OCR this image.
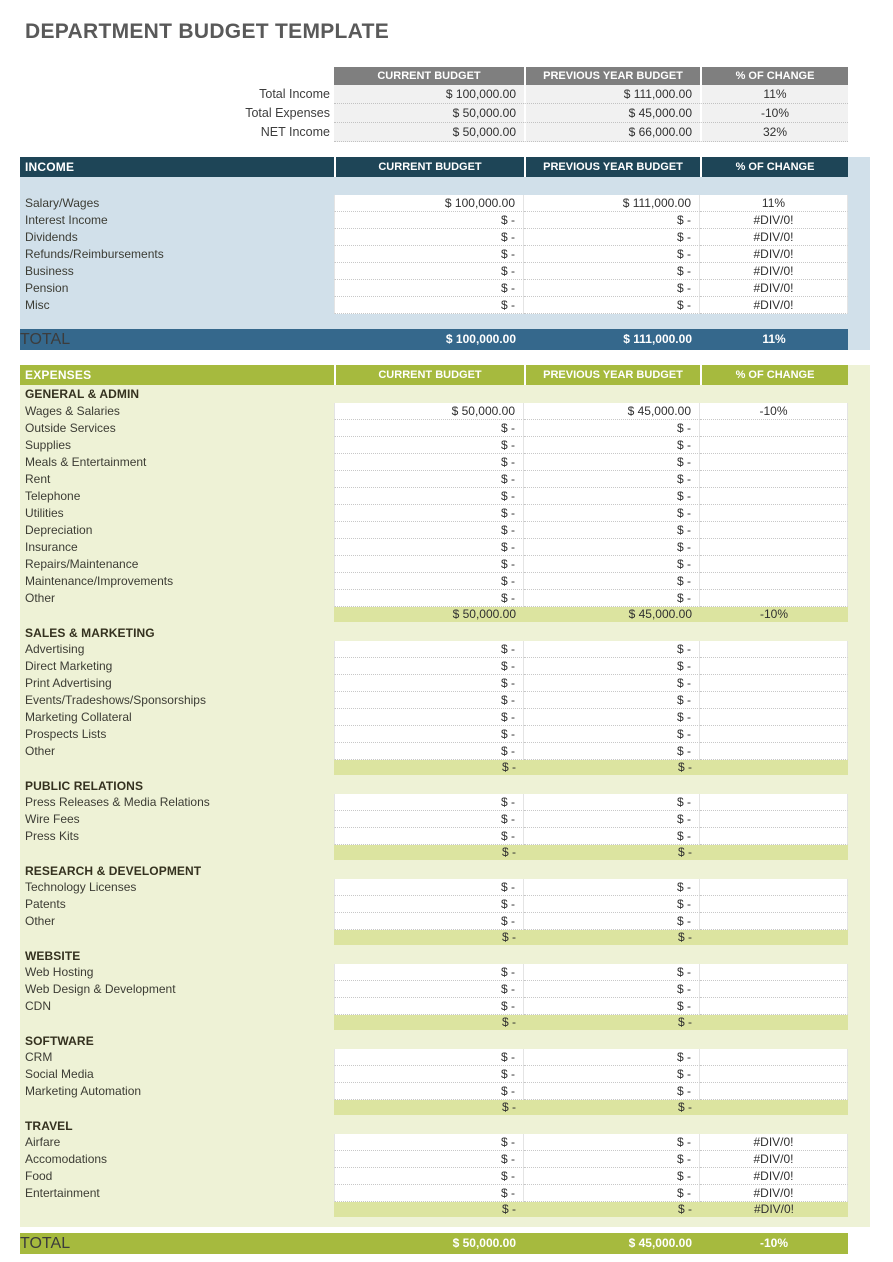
DEPARTMENT BUDGET TEMPLATE
CURRENT BUDGET	PREVIOUS YEAR BUDGET	% OF CHANGE
Total Income	$ 100,000.00	$ 111,000.00	11%
Total Expenses	$ 50,000.00	$ 45,000.00	-10%
NET Income	$ 50,000.00	$ 66,000.00	32%
INCOME	CURRENT BUDGET	PREVIOUS YEAR BUDGET	% OF CHANGE
Salary/Wages	$ 100,000.00	$ 111,000.00	11%
Interest Income	$ -	$ -	#DIV/0!
Dividends	$ -	$ -	#DIV/0!
Refunds/Reimbursements	$ -	$ -	#DIV/0!
Business	$ -	$ -	#DIV/0!
Pension	$ -	$ -	#DIV/0!
Misc	$ -	$ -	#DIV/0!
TOTAL	$ 100,000.00	$ 111,000.00	11%
EXPENSES	CURRENT BUDGET	PREVIOUS YEAR BUDGET	% OF CHANGE
GENERAL & ADMIN
Wages & Salaries	$ 50,000.00	$ 45,000.00	-10%
Outside Services	$ -	$ -
Supplies	$ -	$ -
Meals & Entertainment	$ -	$ -
Rent	$ -	$ -
Telephone	$ -	$ -
Utilities	$ -	$ -
Depreciation	$ -	$ -
Insurance	$ -	$ -
Repairs/Maintenance	$ -	$ -
Maintenance/Improvements	$ -	$ -
Other	$ -	$ -
$ 50,000.00	$ 45,000.00	-10%
SALES & MARKETING
Advertising	$ -	$ -
Direct Marketing	$ -	$ -
Print Advertising	$ -	$ -
Events/Tradeshows/Sponsorships	$ -	$ -
Marketing Collateral	$ -	$ -
Prospects Lists	$ -	$ -
Other	$ -	$ -
$ -	$ -
PUBLIC RELATIONS
Press Releases & Media Relations	$ -	$ -
Wire Fees	$ -	$ -
Press Kits	$ -	$ -
$ -	$ -
RESEARCH & DEVELOPMENT
Technology Licenses	$ -	$ -
Patents	$ -	$ -
Other	$ -	$ -
$ -	$ -
WEBSITE
Web Hosting	$ -	$ -
Web Design & Development	$ -	$ -
CDN	$ -	$ -
$ -	$ -
SOFTWARE
CRM	$ -	$ -
Social Media	$ -	$ -
Marketing Automation	$ -	$ -
$ -	$ -
TRAVEL
Airfare	$ -	$ -	#DIV/0!
Accomodations	$ -	$ -	#DIV/0!
Food	$ -	$ -	#DIV/0!
Entertainment	$ -	$ -	#DIV/0!
$ -	$ -	#DIV/0!
TOTAL	$ 50,000.00	$ 45,000.00	-10%
